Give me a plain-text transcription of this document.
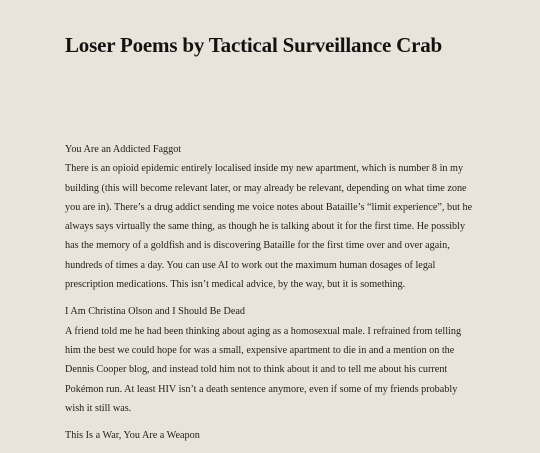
Loser Poems by Tactical Surveillance Crab
You Are an Addicted Faggot

There is an opioid epidemic entirely localised inside my new apartment, which is number 8 in my building (this will become relevant later, or may already be relevant, depending on what time zone you are in). There’s a drug addict sending me voice notes about Bataille’s “limit experience”, but he always says virtually the same thing, as though he is talking about it for the first time. He possibly has the memory of a goldfish and is discovering Bataille for the first time over and over again, hundreds of times a day. You can use AI to work out the maximum human dosages of legal prescription medications. This isn’t medical advice, by the way, but it is something.

I Am Christina Olson and I Should Be Dead

A friend told me he had been thinking about aging as a homosexual male. I refrained from telling him the best we could hope for was a small, expensive apartment to die in and a mention on the Dennis Cooper blog, and instead told him not to think about it and to tell me about his current Pokémon run. At least HIV isn’t a death sentence anymore, even if some of my friends probably wish it still was.

This Is a War, You Are a Weapon
